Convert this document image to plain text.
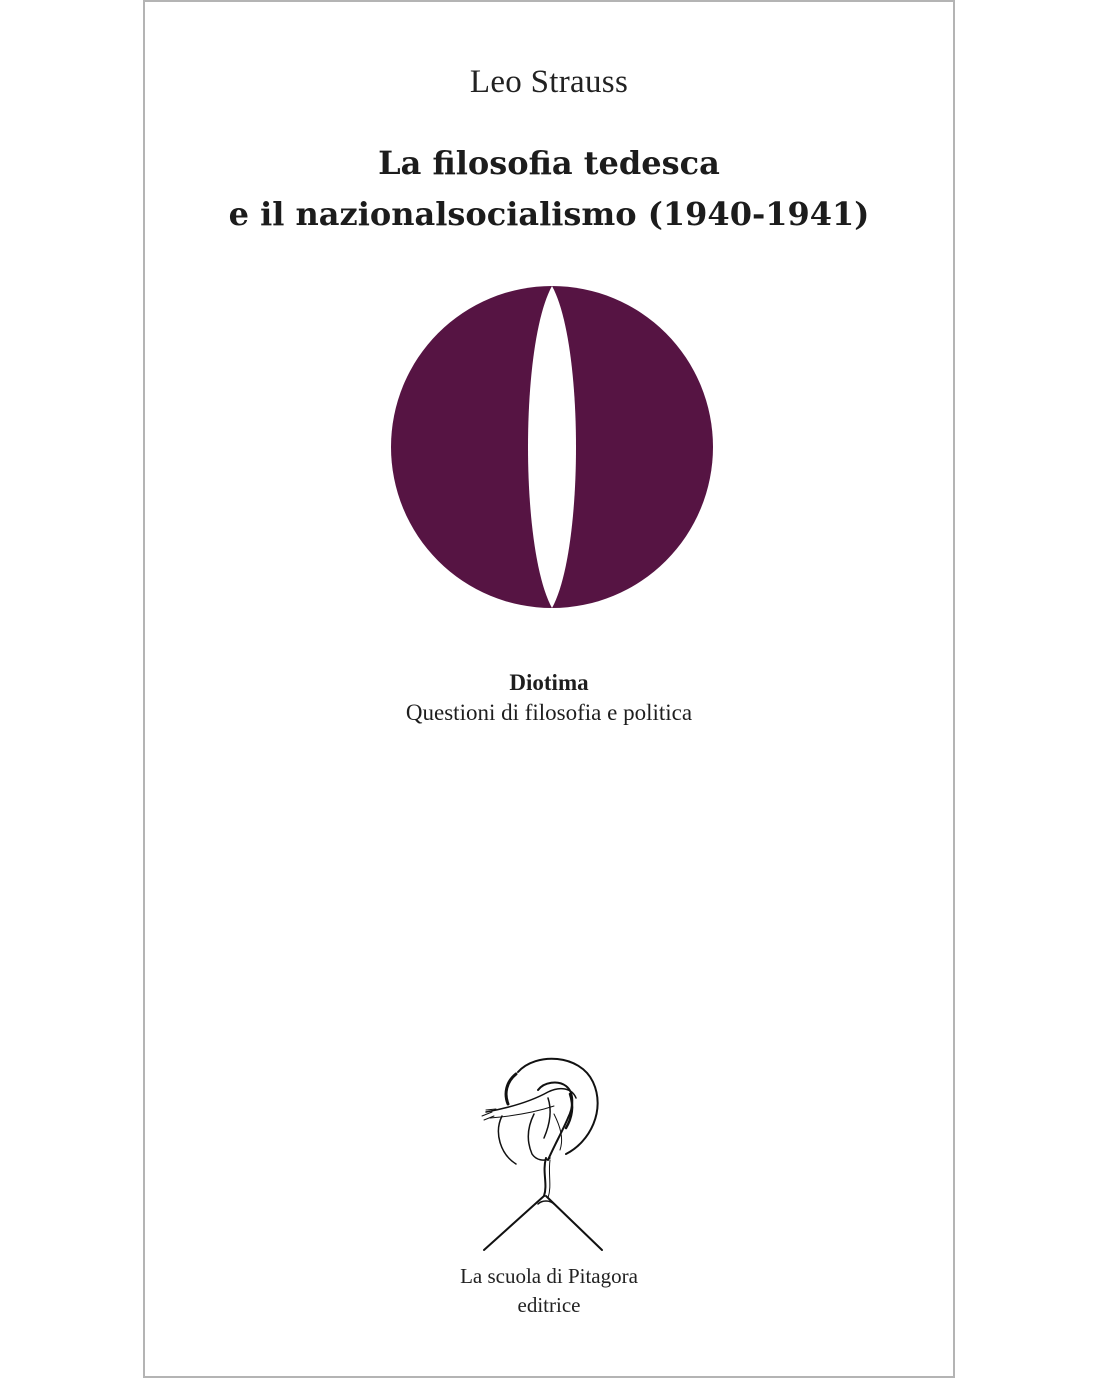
Leo Strauss
La filosofia tedesca
e il nazionalsocialismo (1940-1941)
Diotima
Questioni di filosofia e politica
La scuola di Pitagora
editrice
